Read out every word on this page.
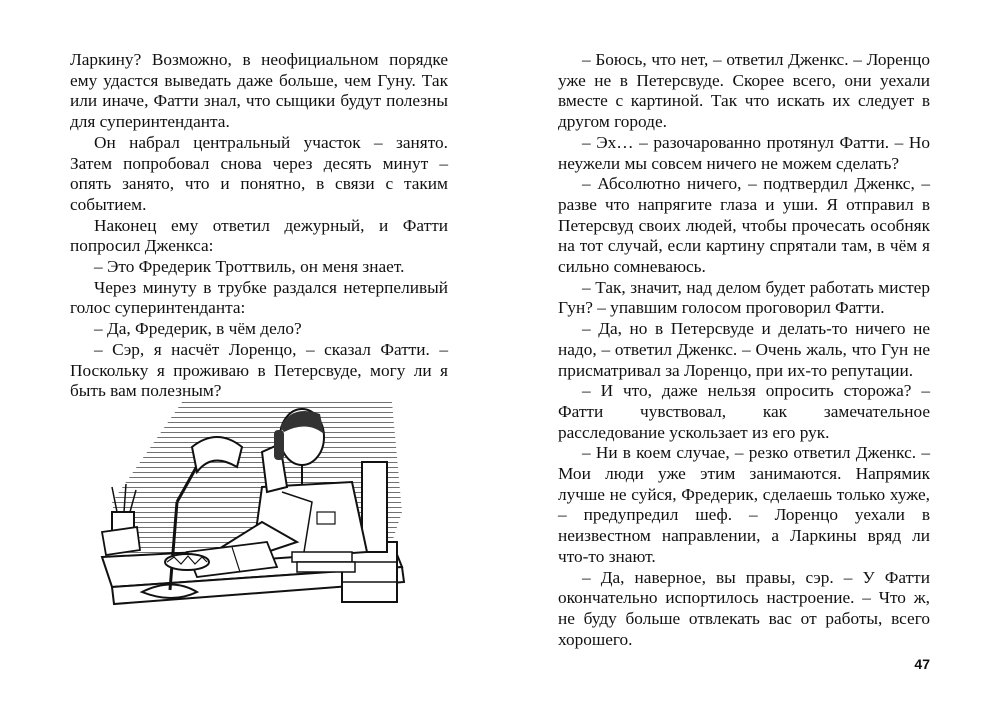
Ларкину? Возможно, в неофициальном порядке ему удастся выведать даже больше, чем Гуну. Так или иначе, Фатти знал, что сыщики будут полезны для суперинтенданта.

Он набрал центральный участок – занято. Затем попробовал снова через десять минут – опять занято, что и понятно, в связи с таким событием.

Наконец ему ответил дежурный, и Фатти попросил Дженкса:

– Это Фредерик Троттвиль, он меня знает.

Через минуту в трубке раздался нетерпеливый голос суперинтенданта:

– Да, Фредерик, в чём дело?

– Сэр, я насчёт Лоренцо, – сказал Фатти. – Поскольку я проживаю в Петерсвуде, могу ли я быть вам полезным?

– Боюсь, что нет, – ответил Дженкс. – Лоренцо уже не в Петерсвуде. Скорее всего, они уехали вместе с картиной. Так что искать их следует в другом городе.

– Эх… – разочарованно протянул Фатти. – Но неужели мы совсем ничего не можем сделать?

– Абсолютно ничего, – подтвердил Дженкс, – разве что напрягите глаза и уши. Я отправил в Петерсвуд своих людей, чтобы прочесать особняк на тот случай, если картину спрятали там, в чём я сильно сомневаюсь.

– Так, значит, над делом будет работать мистер Гун? – упавшим голосом проговорил Фатти.

– Да, но в Петерсвуде и делать-то ничего не надо, – ответил Дженкс. – Очень жаль, что Гун не присматривал за Лоренцо, при их-то репутации.

– И что, даже нельзя опросить сторожа? – Фатти чувствовал, как замечательное расследование ускользает из его рук.

– Ни в коем случае, – резко ответил Дженкс. – Мои люди уже этим занимаются. Напрямик лучше не суйся, Фредерик, сделаешь только хуже, – предупредил шеф. – Лоренцо уехали в неизвестном направлении, а Ларкины вряд ли что-то знают.

– Да, наверное, вы правы, сэр. – У Фатти окончательно испортилось настроение. – Что ж, не буду больше отвлекать вас от работы, всего хорошего.

47
